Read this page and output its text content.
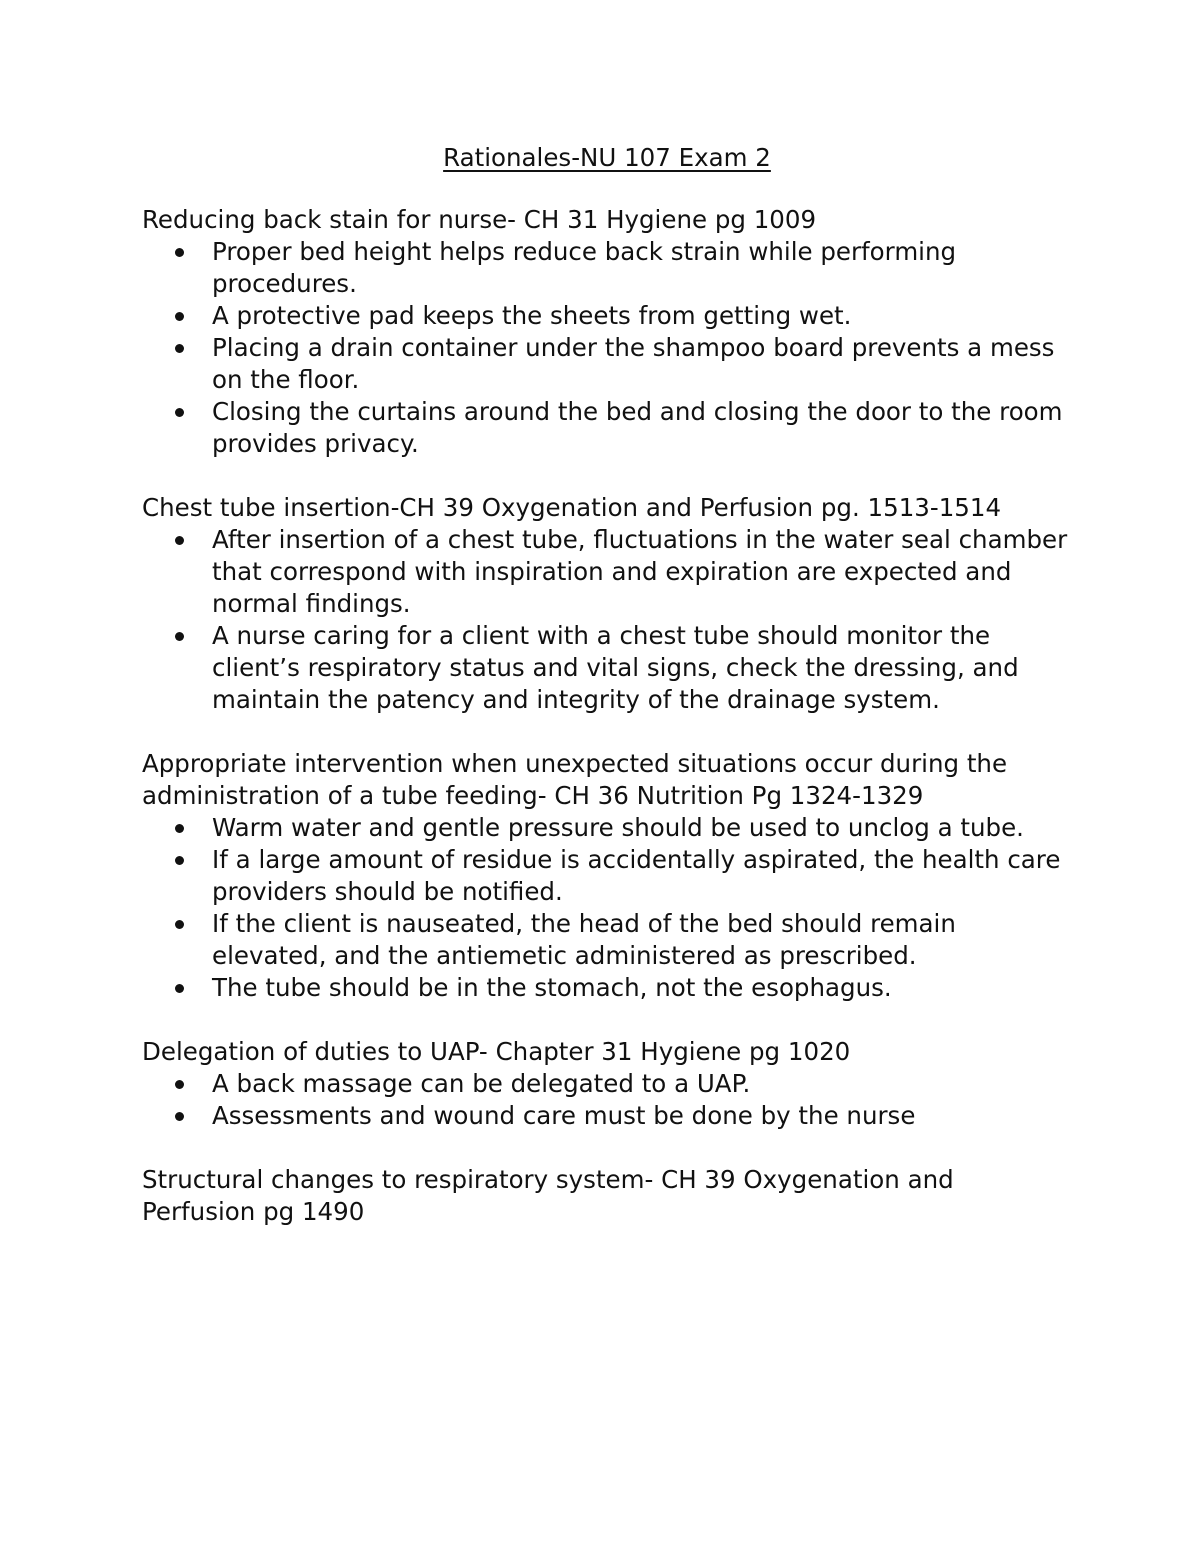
Rationales-NU 107 Exam 2

Reducing back stain for nurse- CH 31 Hygiene pg 1009

Proper bed height helps reduce back strain while performing procedures.
A protective pad keeps the sheets from getting wet.
Placing a drain container under the shampoo board prevents a mess on the floor.
Closing the curtains around the bed and closing the door to the room provides privacy.

Chest tube insertion-CH 39 Oxygenation and Perfusion pg. 1513-1514

After insertion of a chest tube, fluctuations in the water seal chamber that correspond with inspiration and expiration are expected and normal findings.
A nurse caring for a client with a chest tube should monitor the client’s respiratory status and vital signs, check the dressing, and maintain the patency and integrity of the drainage system.

Appropriate intervention when unexpected situations occur during the administration of a tube feeding- CH 36 Nutrition Pg 1324-1329

Warm water and gentle pressure should be used to unclog a tube.
If a large amount of residue is accidentally aspirated, the health care providers should be notified.
If the client is nauseated, the head of the bed should remain elevated, and the antiemetic administered as prescribed.
The tube should be in the stomach, not the esophagus.

Delegation of duties to UAP- Chapter 31 Hygiene pg 1020

A back massage can be delegated to a UAP.
Assessments and wound care must be done by the nurse

Structural changes to respiratory system- CH 39 Oxygenation and Perfusion pg 1490
